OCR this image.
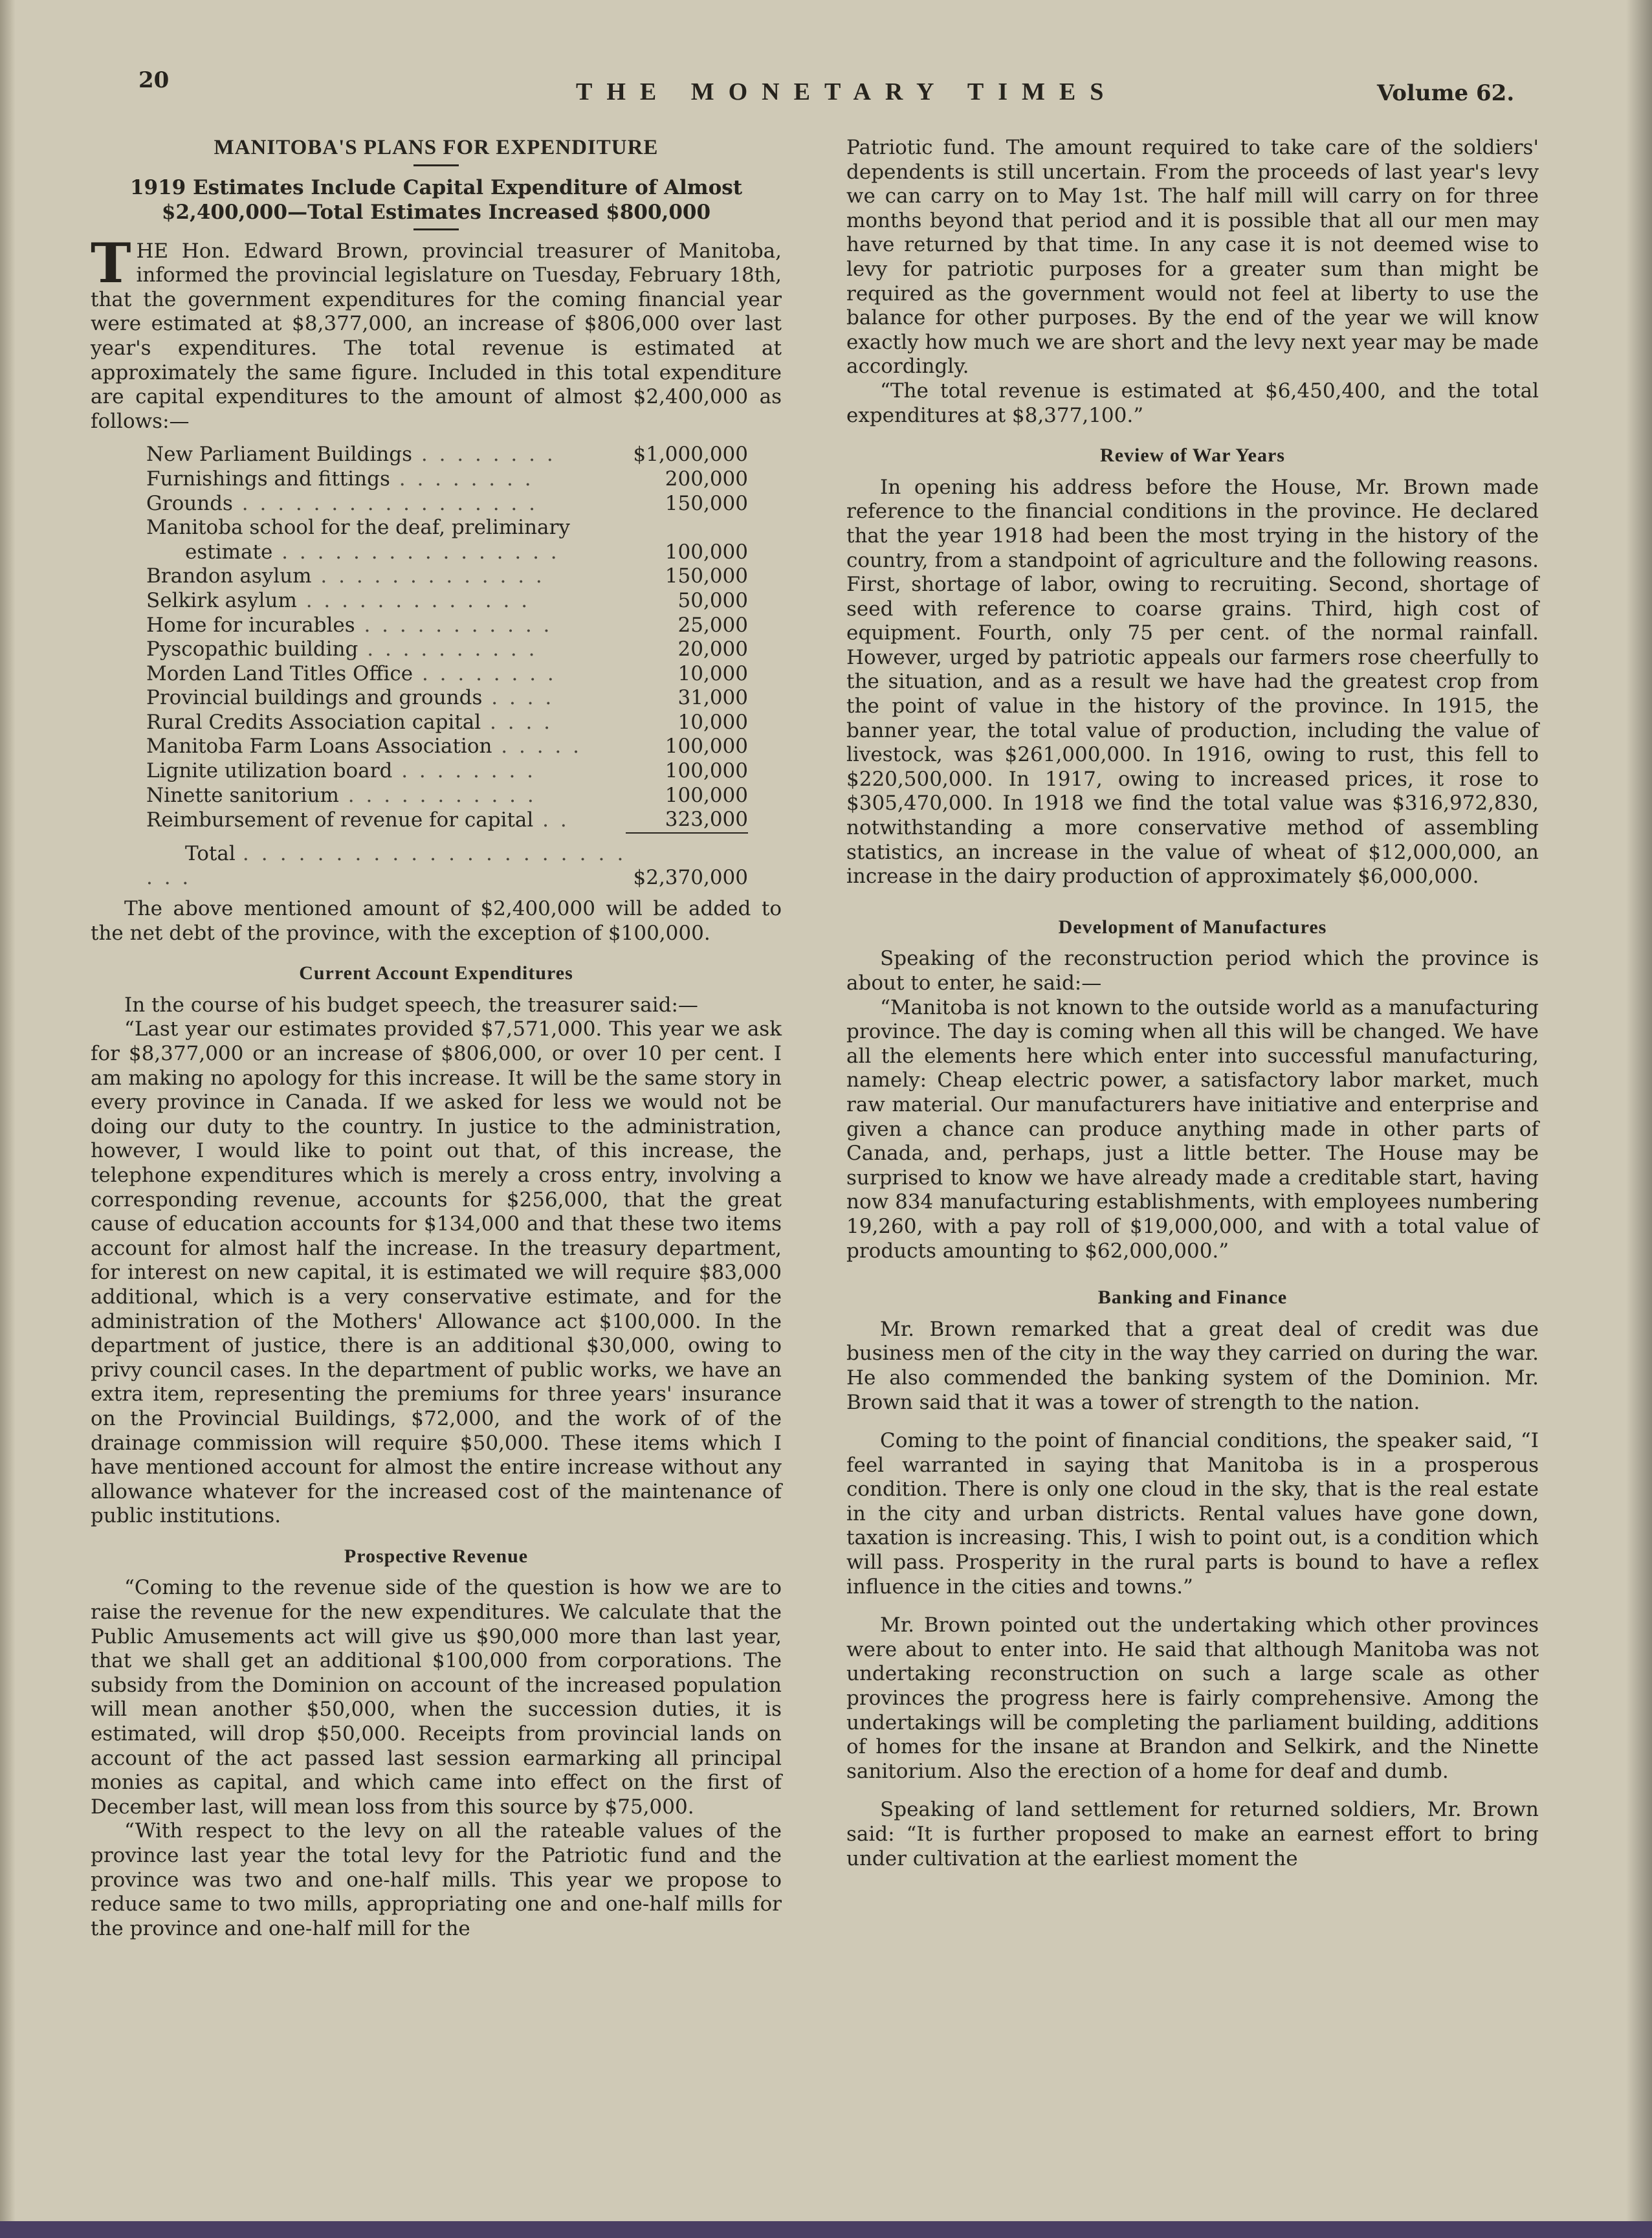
20	THE MONETARY TIMES	Volume 62.
MANITOBA'S PLANS FOR EXPENDITURE
1919 Estimates Include Capital Expenditure of Almost
$2,400,000—Total Estimates Increased $800,000

THE Hon. Edward Brown, provincial treasurer of Manitoba, informed the provincial legislature on Tuesday, February 18th, that the government expenditures for the coming financial year were estimated at $8,377,000, an increase of $806,000 over last year's expenditures. The total revenue is estimated at approximately the same figure. Included in this total expenditure are capital expenditures to the amount of almost $2,400,000 as follows:—

New Parliament Buildings . . . . . . . .	$1,000,000
Furnishings and fittings . . . . . . . .	200,000
Grounds . . . . . . . . . . . . . . . . .	150,000
Manitoba school for the deaf, preliminary	
estimate . . . . . . . . . . . . . . . .	100,000
Brandon asylum . . . . . . . . . . . . .	150,000
Selkirk asylum . . . . . . . . . . . . .	50,000
Home for incurables . . . . . . . . . . .	25,000
Pyscopathic building . . . . . . . . . .	20,000
Morden Land Titles Office . . . . . . . .	10,000
Provincial buildings and grounds . . . .	31,000
Rural Credits Association capital . . . .	10,000
Manitoba Farm Loans Association . . . . .	100,000
Lignite utilization board . . . . . . . .	100,000
Ninette sanitorium . . . . . . . . . . .	100,000
Reimbursement of revenue for capital . .	323,000
Total . . . . . . . . . . . . . . . . . . . . . . . .	$2,370,000

The above mentioned amount of $2,400,000 will be added to the net debt of the province, with the exception of $100,000.

Current Account Expenditures

In the course of his budget speech, the treasurer said:—

“Last year our estimates provided $7,571,000. This year we ask for $8,377,000 or an increase of $806,000, or over 10 per cent. I am making no apology for this increase. It will be the same story in every province in Canada. If we asked for less we would not be doing our duty to the country. In justice to the administration, however, I would like to point out that, of this increase, the telephone expenditures which is merely a cross entry, involving a corresponding revenue, accounts for $256,000, that the great cause of education accounts for $134,000 and that these two items account for almost half the increase. In the treasury department, for interest on new capital, it is estimated we will require $83,000 additional, which is a very conservative estimate, and for the administration of the Mothers' Allowance act $100,000. In the department of justice, there is an additional $30,000, owing to privy council cases. In the department of public works, we have an extra item, representing the premiums for three years' insurance on the Provincial Buildings, $72,000, and the work of of the drainage commission will require $50,000. These items which I have mentioned account for almost the entire increase without any allowance whatever for the increased cost of the maintenance of public institutions.

Prospective Revenue

“Coming to the revenue side of the question is how we are to raise the revenue for the new expenditures. We calculate that the Public Amusements act will give us $90,000 more than last year, that we shall get an additional $100,000 from corporations. The subsidy from the Dominion on account of the increased population will mean another $50,000, when the succession duties, it is estimated, will drop $50,000. Receipts from provincial lands on account of the act passed last session earmarking all principal monies as capital, and which came into effect on the first of December last, will mean loss from this source by $75,000.

“With respect to the levy on all the rateable values of the province last year the total levy for the Patriotic fund and the province was two and one-half mills. This year we propose to reduce same to two mills, appropriating one and one-half mills for the province and one-half mill for the

Patriotic fund. The amount required to take care of the soldiers' dependents is still uncertain. From the proceeds of last year's levy we can carry on to May 1st. The half mill will carry on for three months beyond that period and it is possible that all our men may have returned by that time. In any case it is not deemed wise to levy for patriotic purposes for a greater sum than might be required as the government would not feel at liberty to use the balance for other purposes. By the end of the year we will know exactly how much we are short and the levy next year may be made accordingly.

“The total revenue is estimated at $6,450,400, and the total expenditures at $8,377,100.”

Review of War Years

In opening his address before the House, Mr. Brown made reference to the financial conditions in the province. He declared that the year 1918 had been the most trying in the history of the country, from a standpoint of agriculture and the following reasons. First, shortage of labor, owing to recruiting. Second, shortage of seed with reference to coarse grains. Third, high cost of equipment. Fourth, only 75 per cent. of the normal rainfall. However, urged by patriotic appeals our farmers rose cheerfully to the situation, and as a result we have had the greatest crop from the point of value in the history of the province. In 1915, the banner year, the total value of production, including the value of livestock, was $261,000,000. In 1916, owing to rust, this fell to $220,500,000. In 1917, owing to increased prices, it rose to $305,470,000. In 1918 we find the total value was $316,972,830, notwithstanding a more conservative method of assembling statistics, an increase in the value of wheat of $12,000,000, an increase in the dairy production of approximately $6,000,000.

Development of Manufactures

Speaking of the reconstruction period which the province is about to enter, he said:—

“Manitoba is not known to the outside world as a manufacturing province. The day is coming when all this will be changed. We have all the elements here which enter into successful manufacturing, namely: Cheap electric power, a satisfactory labor market, much raw material. Our manufacturers have initiative and enterprise and given a chance can produce anything made in other parts of Canada, and, perhaps, just a little better. The House may be surprised to know we have already made a creditable start, having now 834 manufacturing establishments, with employees numbering 19,260, with a pay roll of $19,000,000, and with a total value of products amounting to $62,000,000.”

Banking and Finance

Mr. Brown remarked that a great deal of credit was due business men of the city in the way they carried on during the war. He also commended the banking system of the Dominion. Mr. Brown said that it was a tower of strength to the nation.

Coming to the point of financial conditions, the speaker said, “I feel warranted in saying that Manitoba is in a prosperous condition. There is only one cloud in the sky, that is the real estate in the city and urban districts. Rental values have gone down, taxation is increasing. This, I wish to point out, is a condition which will pass. Prosperity in the rural parts is bound to have a reflex influence in the cities and towns.”

Mr. Brown pointed out the undertaking which other provinces were about to enter into. He said that although Manitoba was not undertaking reconstruction on such a large scale as other provinces the progress here is fairly comprehensive. Among the undertakings will be completing the parliament building, additions of homes for the insane at Brandon and Selkirk, and the Ninette sanitorium. Also the erection of a home for deaf and dumb.

Speaking of land settlement for returned soldiers, Mr. Brown said: “It is further proposed to make an earnest effort to bring under cultivation at the earliest moment the
